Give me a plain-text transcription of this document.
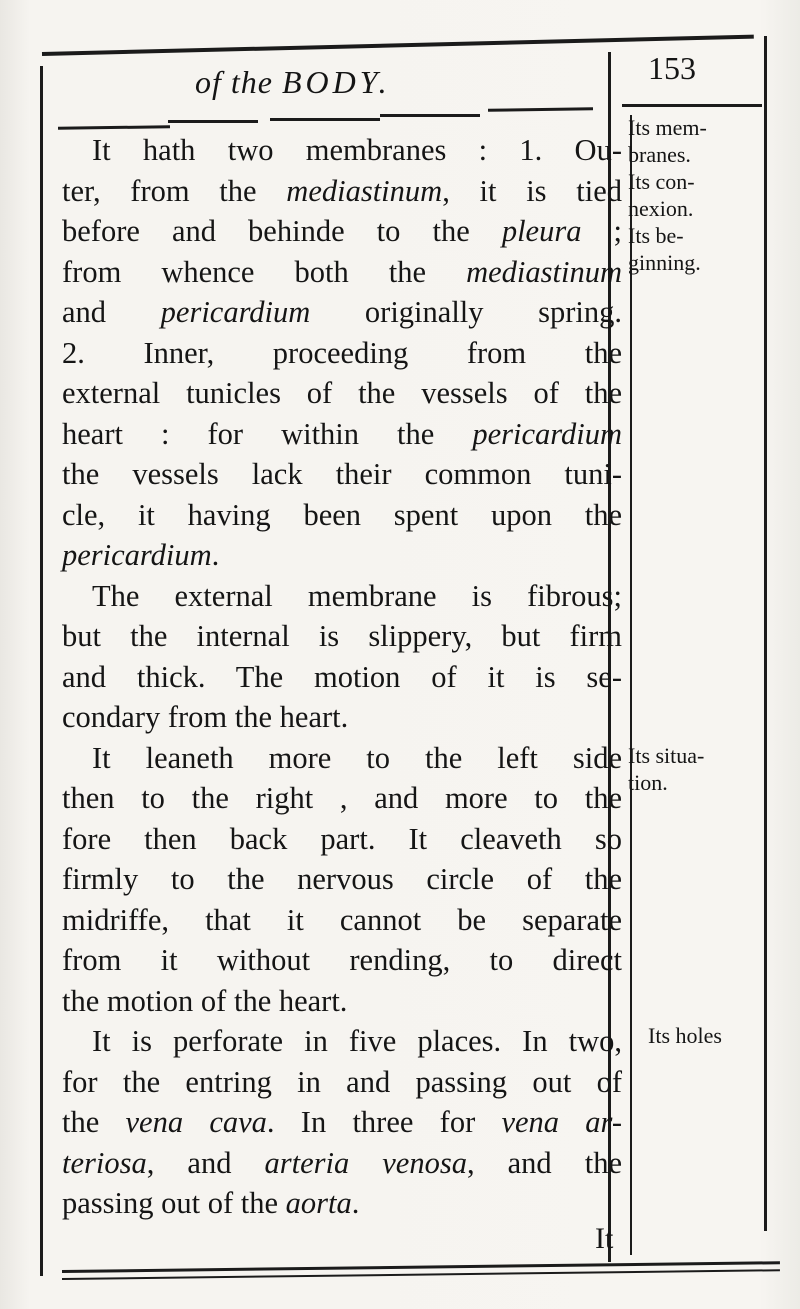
of the BODY.	153
It hath two membranes : 1. Ou-
ter, from the mediastinum, it is tied
before and behinde to the pleura ;
from whence both the mediastinum
and pericardium originally spring.
2. Inner, proceeding from the
external tunicles of the vessels of the
heart : for within the pericardium
the vessels lack their common tuni-
cle, it having been spent upon the
pericardium.
The external membrane is fibrous;
but the internal is slippery, but firm
and thick. The motion of it is se-
condary from the heart.
It leaneth more to the left side
then to the right , and more to the
fore then back part. It cleaveth so
firmly to the nervous circle of the
midriffe, that it cannot be separate
from it without rending, to direct
the motion of the heart.
It is perforate in five places. In two,
for the entring in and passing out of
the vena cava. In three for vena ar-
teriosa, and arteria venosa, and the
passing out of the aorta.
It
Its mem-
branes.
Its con-
nexion.
Its be-
ginning.
Its situa-
tion.
Its holes
